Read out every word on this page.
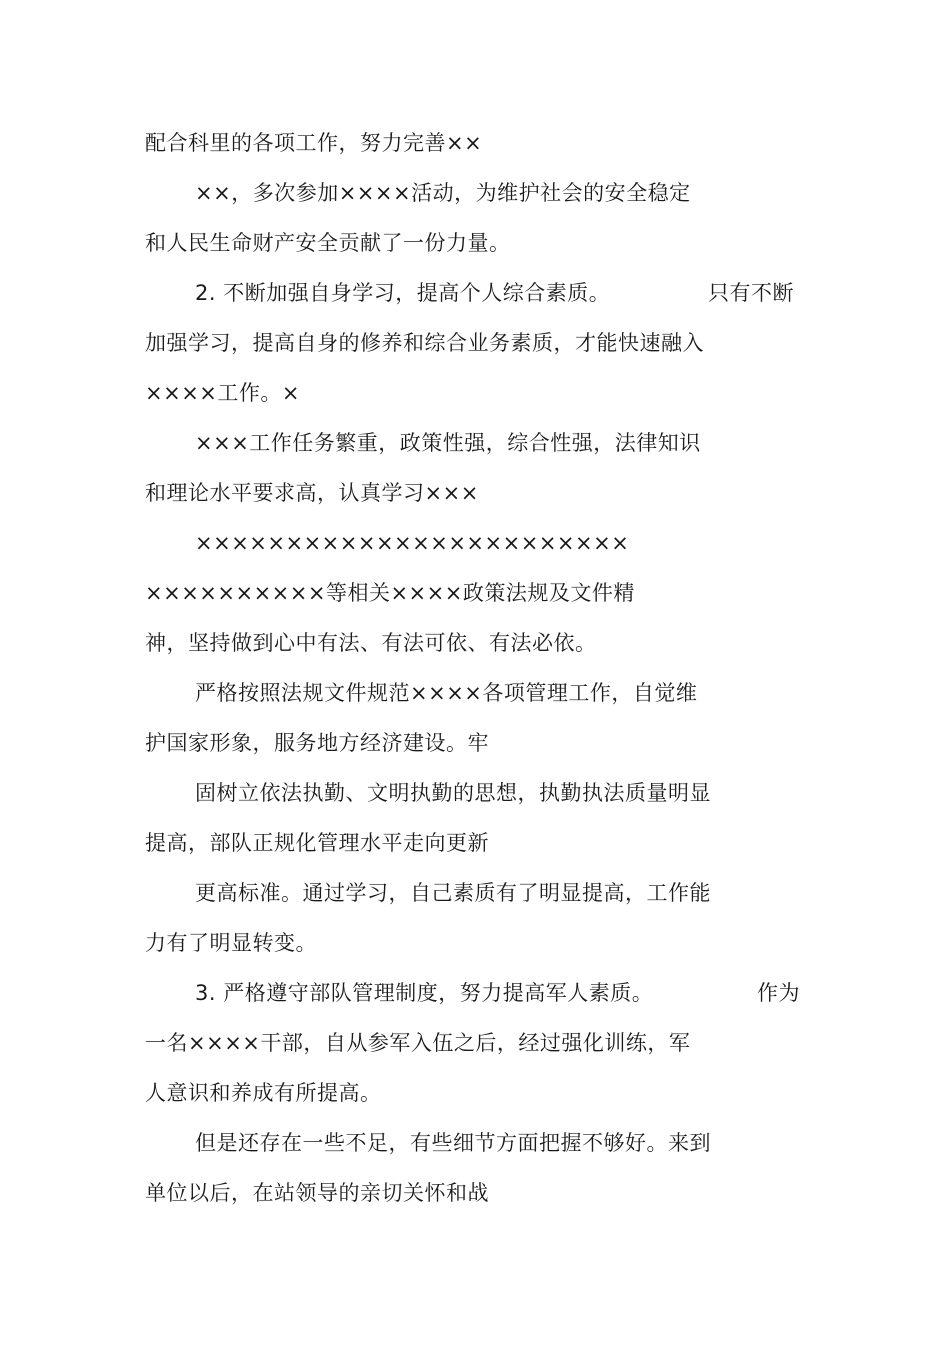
配合科里的各项工作，努力完善××
××，多次参加××××活动，为维护社会的安全稳定
和人民生命财产安全贡献了一份力量。
2. 不断加强自身学习，提高个人综合素质。	只有不断
加强学习，提高自身的修养和综合业务素质，才能快速融入
××××工作。×
×××工作任务繁重，政策性强，综合性强，法律知识
和理论水平要求高，认真学习×××
××××××××××××××××××××××××
××××××××××等相关××××政策法规及文件精
神，坚持做到心中有法、有法可依、有法必依。
严格按照法规文件规范××××各项管理工作，自觉维
护国家形象，服务地方经济建设。牢
固树立依法执勤、文明执勤的思想，执勤执法质量明显
提高，部队正规化管理水平走向更新
更高标准。通过学习，自己素质有了明显提高，工作能
力有了明显转变。
3. 严格遵守部队管理制度，努力提高军人素质。	作为
一名××××干部，自从参军入伍之后，经过强化训练，军
人意识和养成有所提高。
但是还存在一些不足，有些细节方面把握不够好。来到
单位以后，在站领导的亲切关怀和战
